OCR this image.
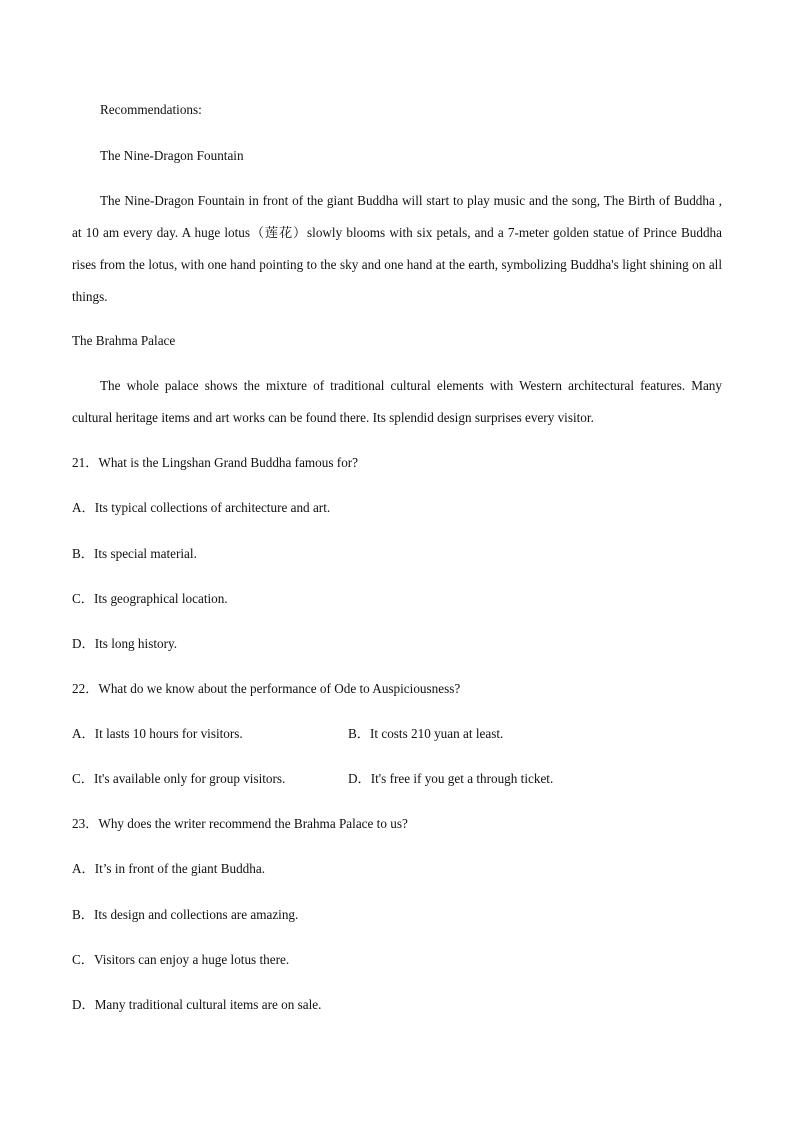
Recommendations:
The Nine-Dragon Fountain
The Nine-Dragon Fountain in front of the giant Buddha will start to play music and the song, The Birth of Buddha , at 10 am every day. A huge lotus（莲花）slowly blooms with six petals, and a 7-meter golden statue of Prince Buddha rises from the lotus, with one hand pointing to the sky and one hand at the earth, symbolizing Buddha's light shining on all things.
The Brahma Palace
The whole palace shows the mixture of traditional cultural elements with Western architectural features. Many cultural heritage items and art works can be found there. Its splendid design surprises every visitor.
21．What is the Lingshan Grand Buddha famous for?
A．Its typical collections of architecture and art.
B．Its special material.
C．Its geographical location.
D．Its long history.
22．What do we know about the performance of Ode to Auspiciousness?
A．It lasts 10 hours for visitors.	B．It costs 210 yuan at least.
C．It's available only for group visitors.	D．It's free if you get a through ticket.
23．Why does the writer recommend the Brahma Palace to us?
A．It’s in front of the giant Buddha.
B．Its design and collections are amazing.
C．Visitors can enjoy a huge lotus there.
D．Many traditional cultural items are on sale.
